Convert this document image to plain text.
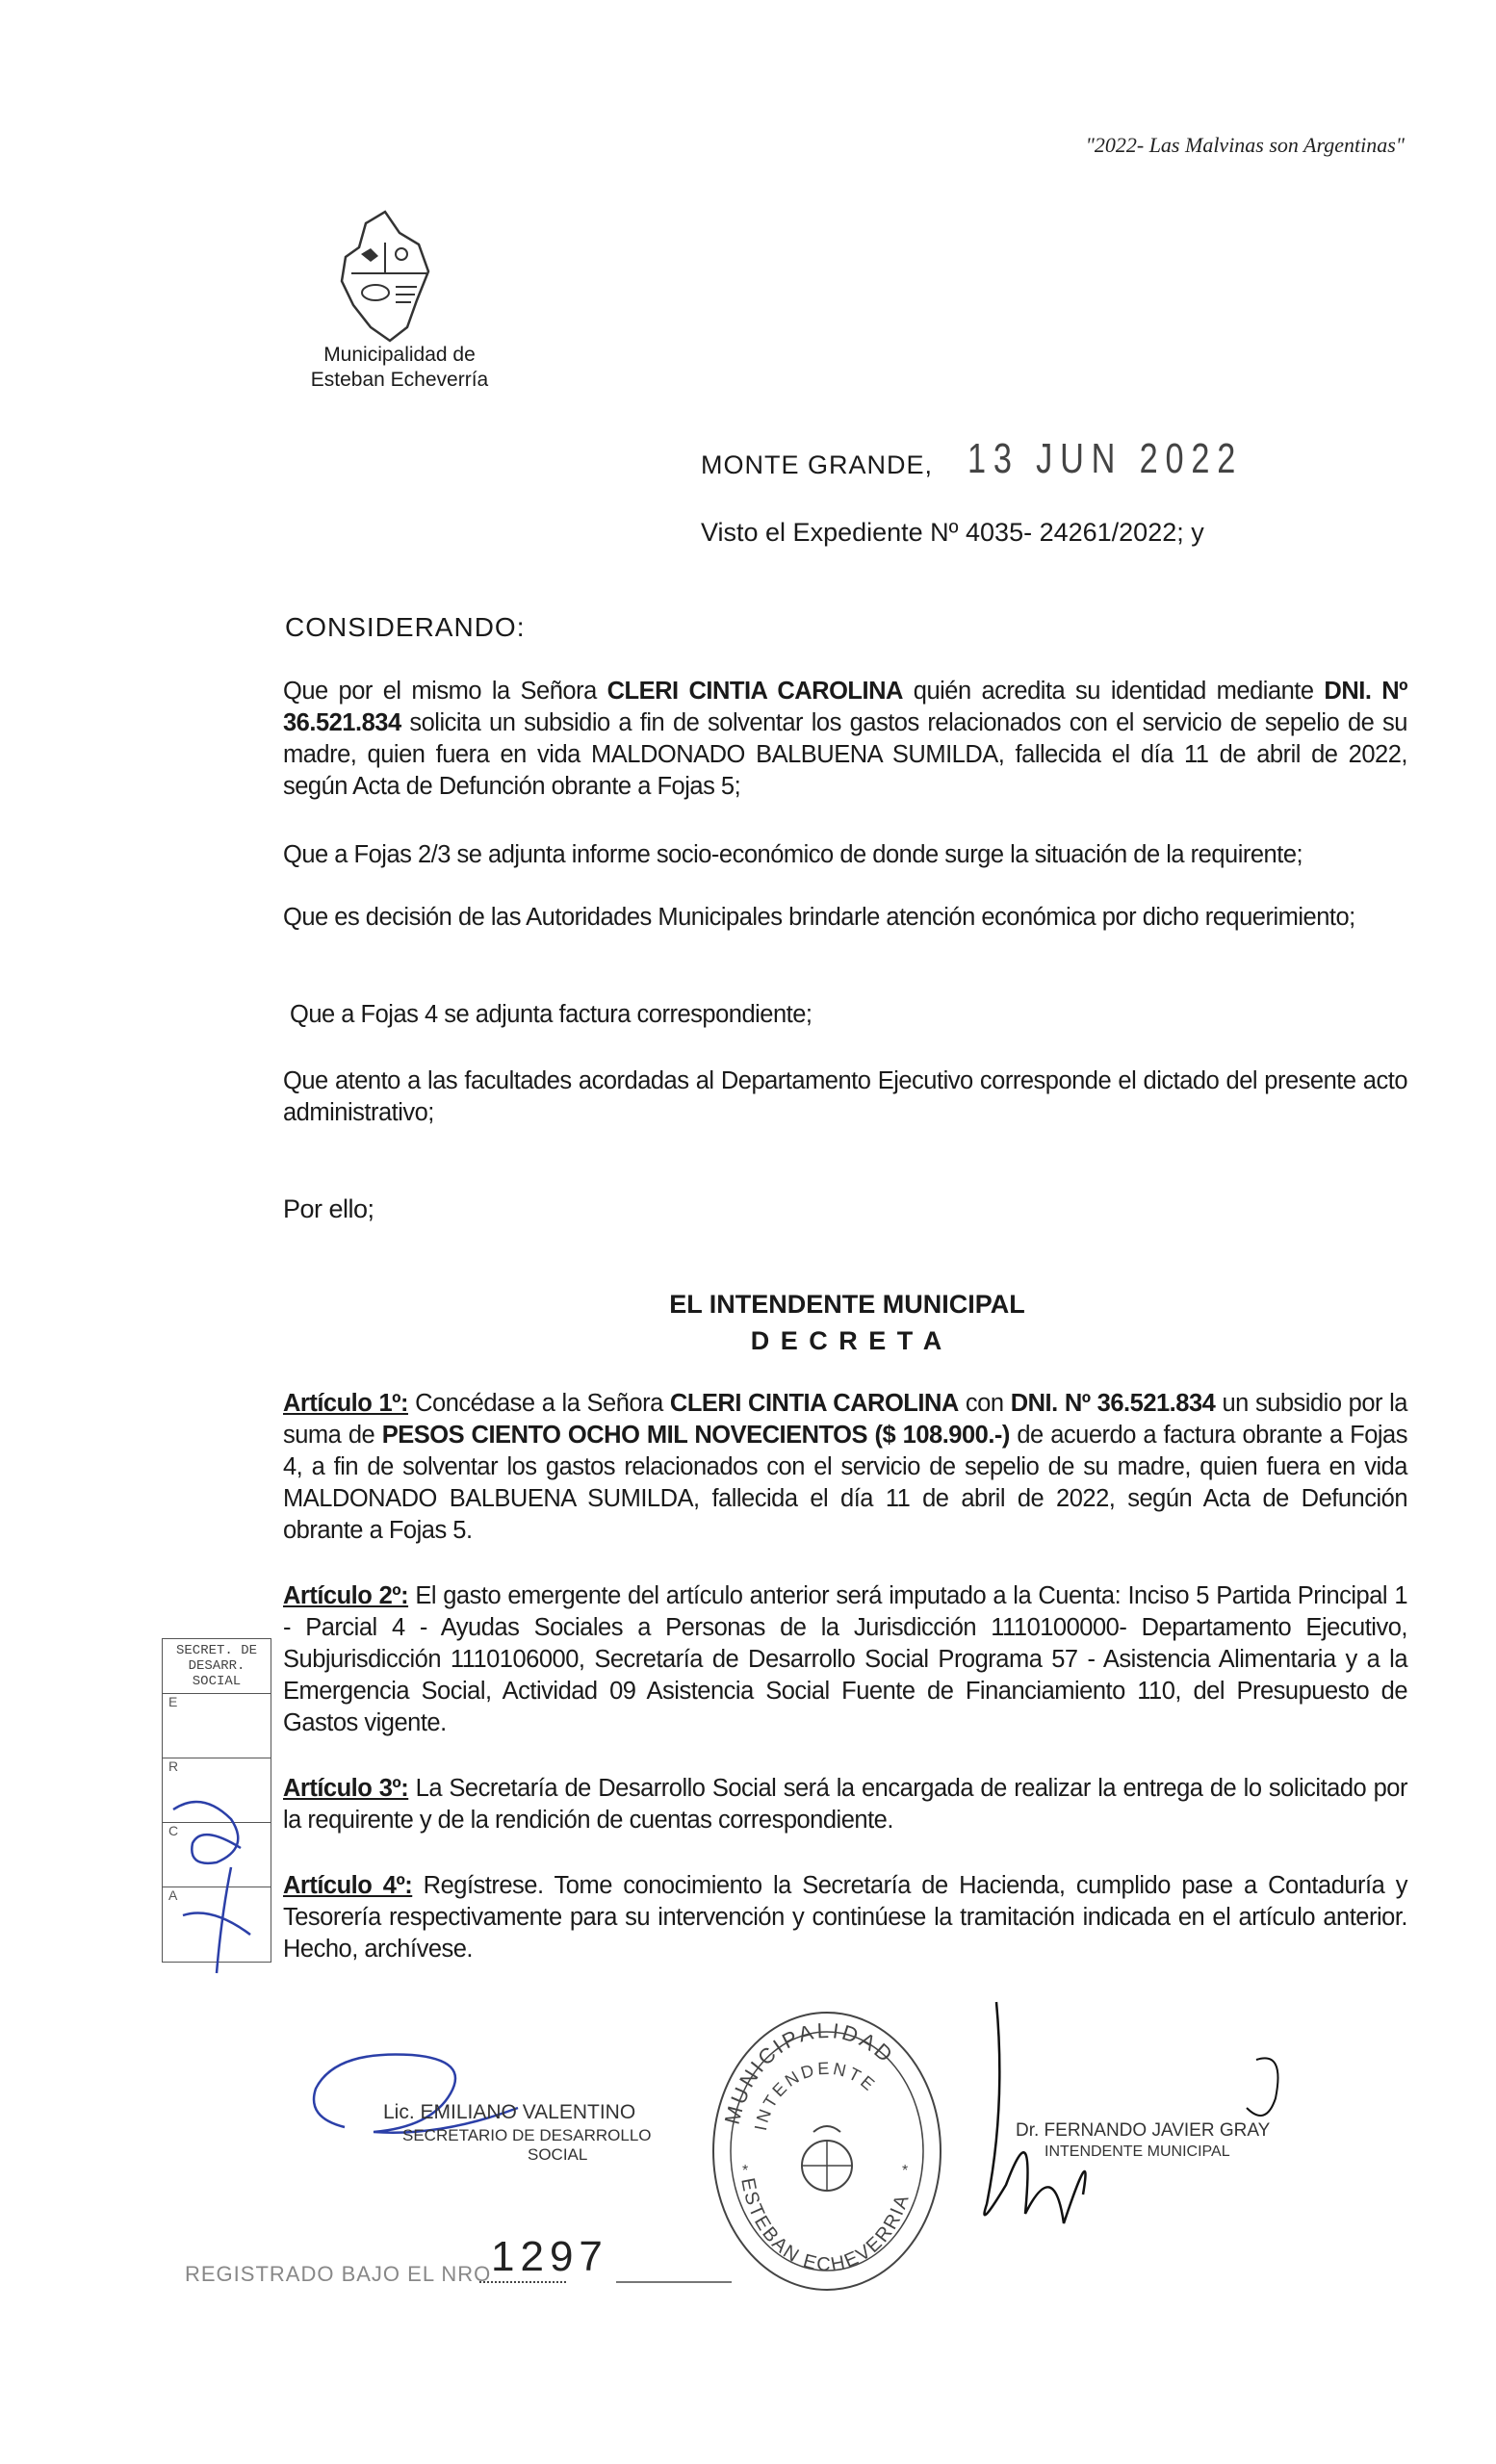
"2022- Las Malvinas son Argentinas"
Municipalidad de
Esteban Echeverría
MONTE GRANDE, 13 JUN 2022
Visto el Expediente Nº 4035- 24261/2022; y
CONSIDERANDO:
Que por el mismo la Señora CLERI CINTIA CAROLINA quién acredita su identidad mediante DNI. Nº 36.521.834 solicita un subsidio a fin de solventar los gastos relacionados con el servicio de sepelio de su madre, quien fuera en vida MALDONADO BALBUENA SUMILDA, fallecida el día 11 de abril de 2022, según Acta de Defunción obrante a Fojas 5;
Que a Fojas 2/3 se adjunta informe socio-económico de donde surge la situación de la requirente;
Que es decisión de las Autoridades Municipales brindarle atención económica por dicho requerimiento;
Que a Fojas 4 se adjunta factura correspondiente;
Que atento a las facultades acordadas al Departamento Ejecutivo corresponde el dictado del presente acto administrativo;
Por ello;
EL INTENDENTE MUNICIPAL
D E C R E T A
Artículo 1º: Concédase a la Señora CLERI CINTIA CAROLINA con DNI. Nº 36.521.834 un subsidio por la suma de PESOS CIENTO OCHO MIL NOVECIENTOS ($ 108.900.-) de acuerdo a factura obrante a Fojas 4, a fin de solventar los gastos relacionados con el servicio de sepelio de su madre, quien fuera en vida MALDONADO BALBUENA SUMILDA, fallecida el día 11 de abril de 2022, según Acta de Defunción obrante a Fojas 5.
Artículo 2º: El gasto emergente del artículo anterior será imputado a la Cuenta: Inciso 5 Partida Principal 1 - Parcial 4 - Ayudas Sociales a Personas de la Jurisdicción 1110100000- Departamento Ejecutivo, Subjurisdicción 1110106000, Secretaría de Desarrollo Social Programa 57 - Asistencia Alimentaria y a la Emergencia Social, Actividad 09 Asistencia Social Fuente de Financiamiento 110, del Presupuesto de Gastos vigente.
Artículo 3º: La Secretaría de Desarrollo Social será la encargada de realizar la entrega de lo solicitado por la requirente y de la rendición de cuentas correspondiente.
Artículo 4º: Regístrese. Tome conocimiento la Secretaría de Hacienda, cumplido pase a Contaduría y Tesorería respectivamente para su intervención y continúese la tramitación indicada en el artículo anterior. Hecho, archívese.
SECRET. DE DESARR. SOCIAL
E
R
C
A
Lic. EMILIANO VALENTINO
SECRETARIO DE DESARROLLO
SOCIAL
MUNICIPALIDAD
INTENDENTE
ESTEBAN ECHEVERRIA
*	*
Dr. FERNANDO JAVIER GRAY
INTENDENTE MUNICIPAL
REGISTRADO BAJO EL NRO 1297
